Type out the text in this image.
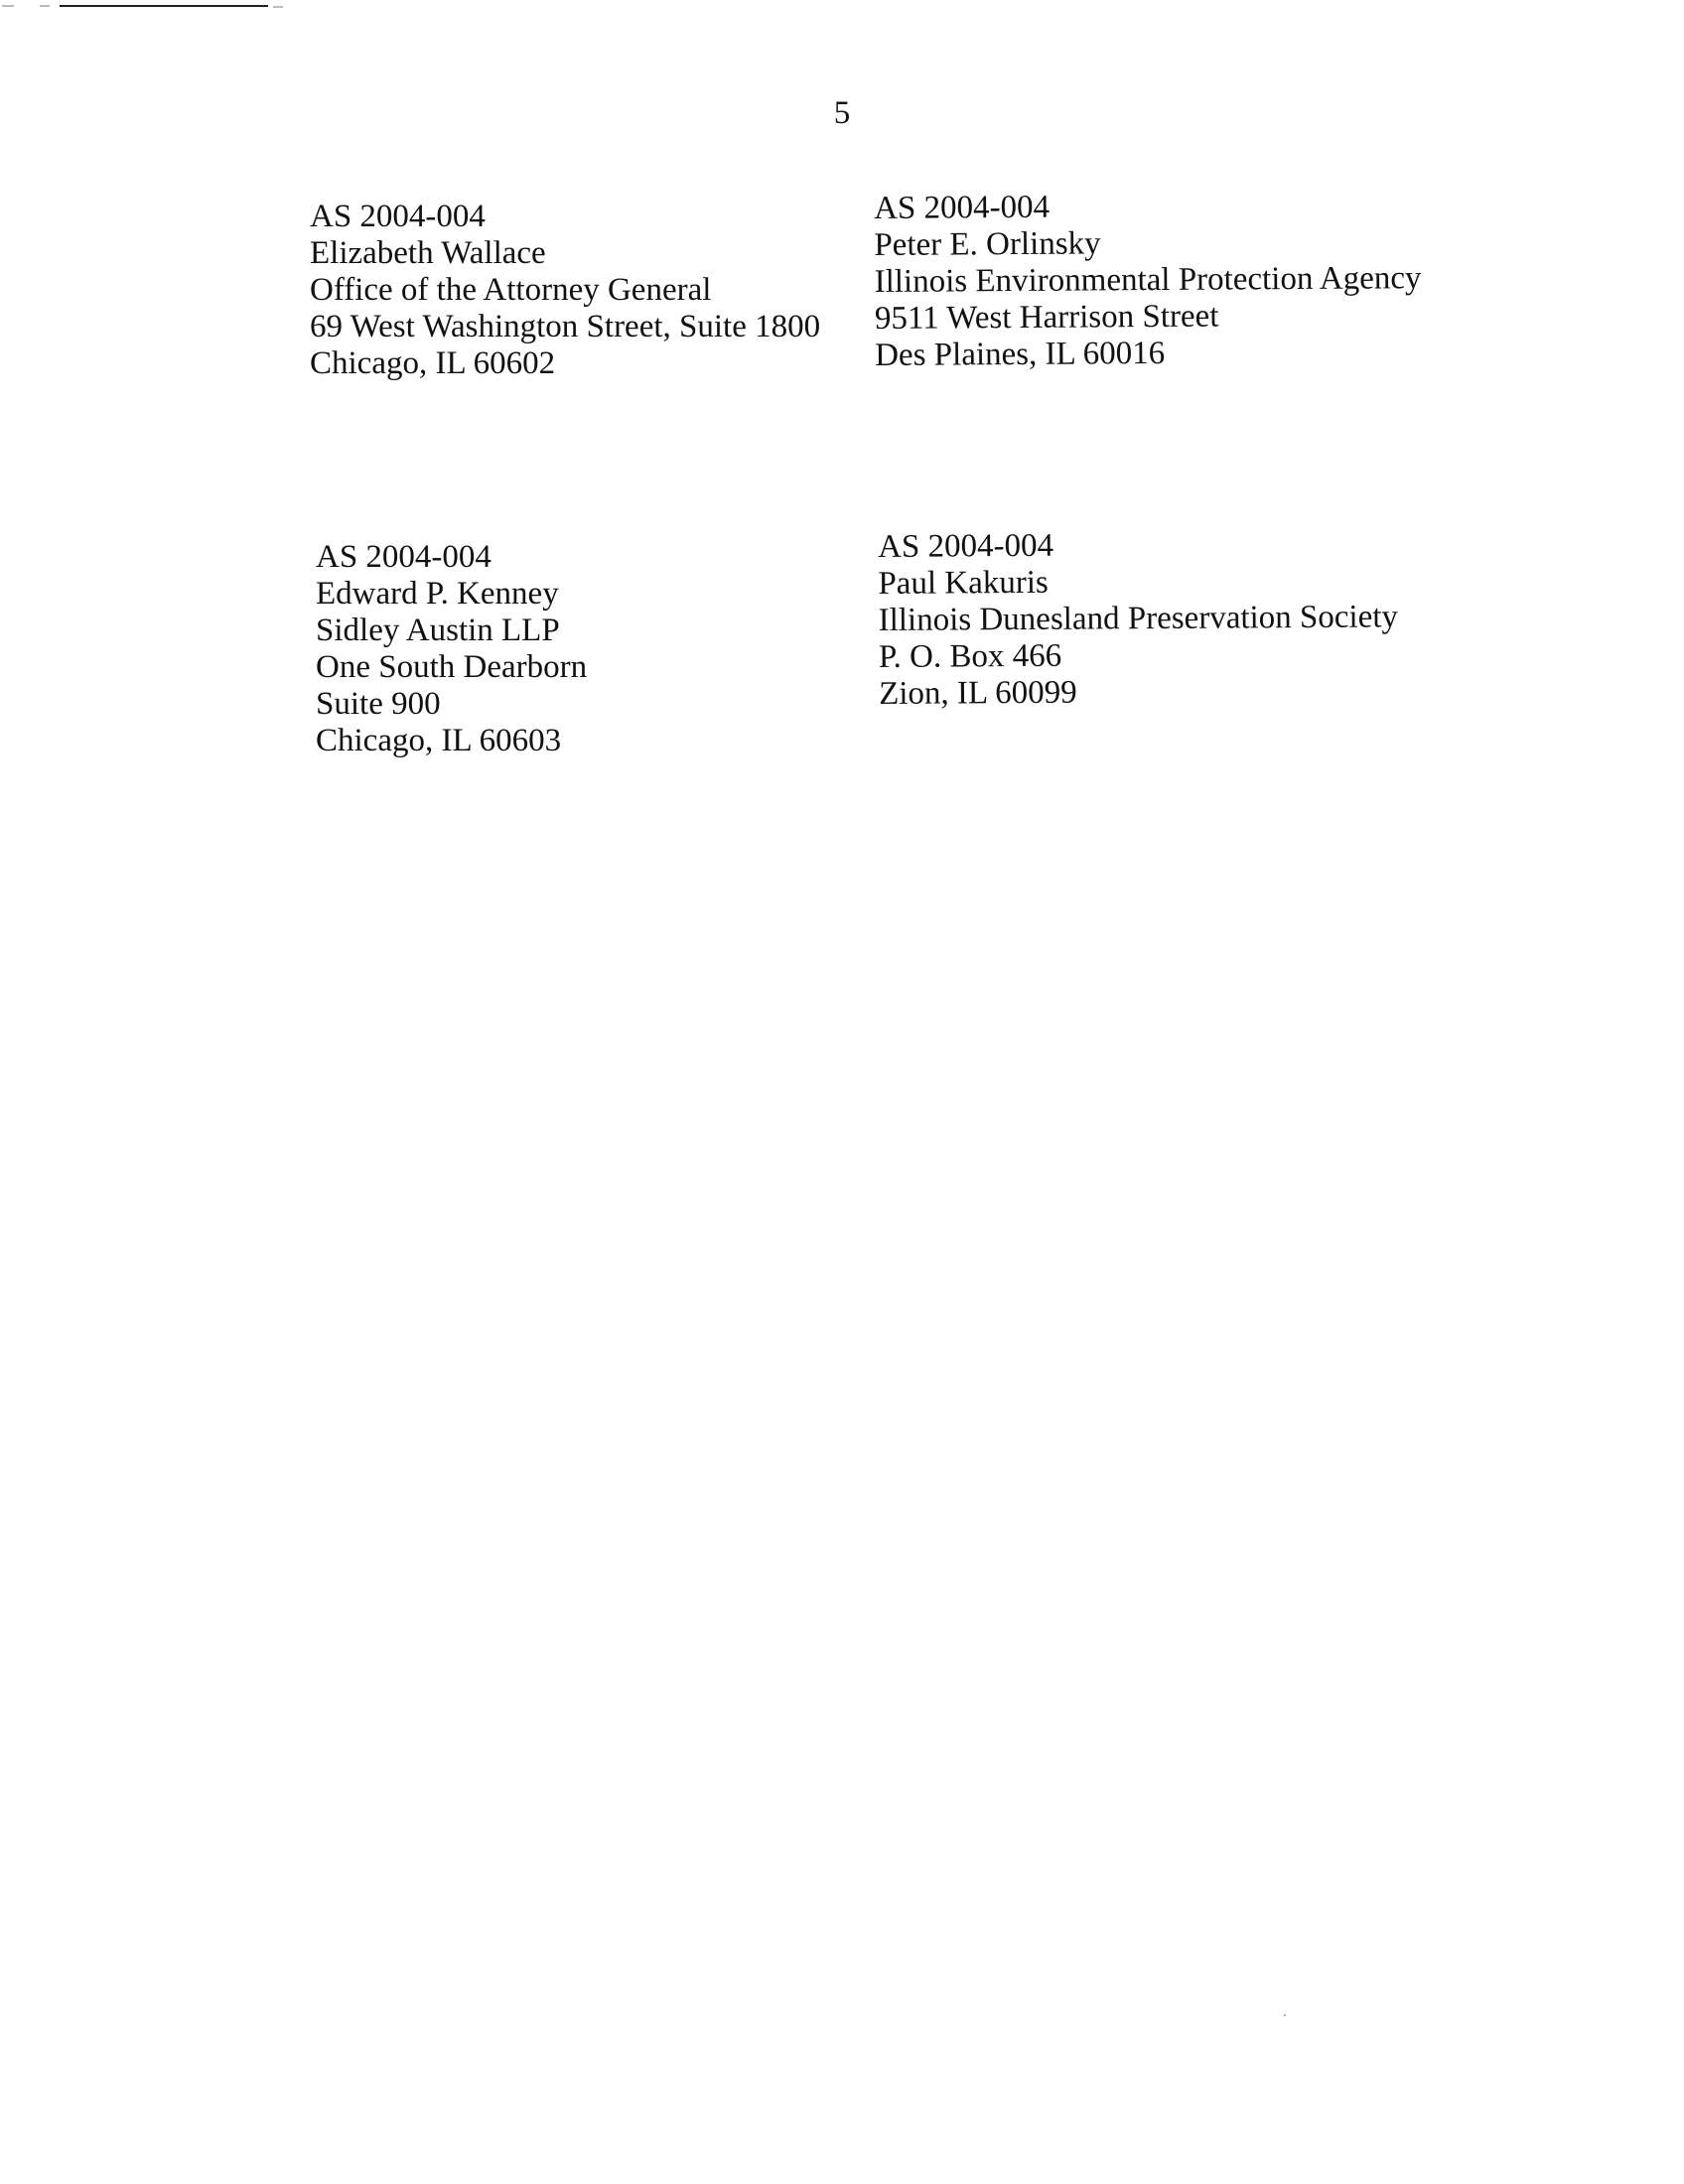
5
AS 2004-004
Elizabeth Wallace
Office of the Attorney General
69 West Washington Street, Suite 1800
Chicago, IL 60602
AS 2004-004
Peter E. Orlinsky
Illinois Environmental Protection Agency
9511 West Harrison Street
Des Plaines, IL 60016
AS 2004-004
Edward P. Kenney
Sidley Austin LLP
One South Dearborn
Suite 900
Chicago, IL 60603
AS 2004-004
Paul Kakuris
Illinois Dunesland Preservation Society
P. O. Box 466
Zion, IL 60099
